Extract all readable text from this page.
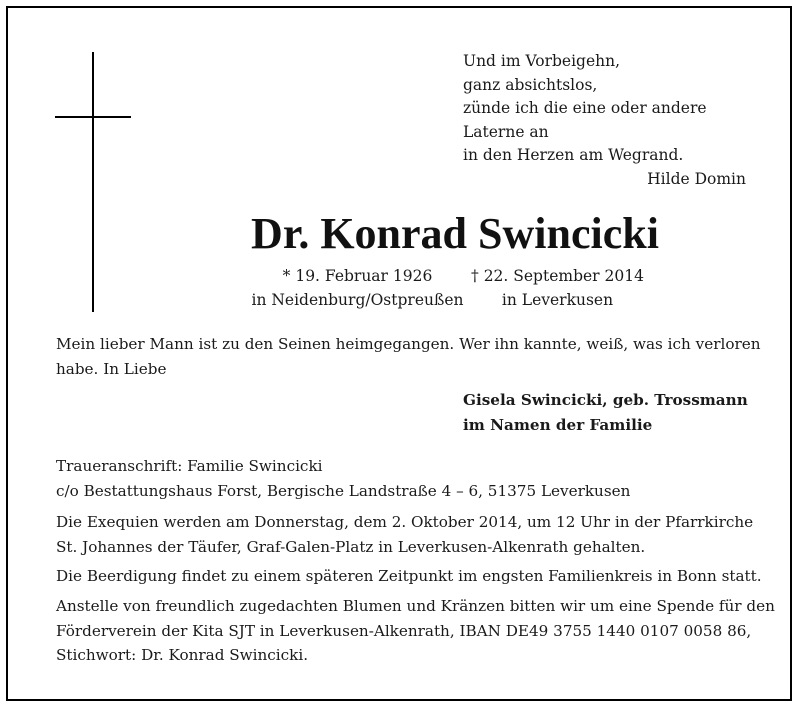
Und im Vorbeigehn,
ganz absichtslos,
zünde ich die eine oder andere
Laterne an
in den Herzen am Wegrand.
Hilde Domin
Dr. Konrad Swincicki
* 19. Februar 1926
in Neidenburg/Ostpreußen
† 22. September 2014
in Leverkusen
Mein lieber Mann ist zu den Seinen heimgegangen. Wer ihn kannte, weiß, was ich verloren
habe. In Liebe
Gisela Swincicki, geb. Trossmann
im Namen der Familie
Traueranschrift: Familie Swincicki
c/o Bestattungshaus Forst, Bergische Landstraße 4 – 6, 51375 Leverkusen
Die Exequien werden am Donnerstag, dem 2. Oktober 2014, um 12 Uhr in der Pfarrkirche
St. Johannes der Täufer, Graf-Galen-Platz in Leverkusen-Alkenrath gehalten.
Die Beerdigung findet zu einem späteren Zeitpunkt im engsten Familienkreis in Bonn statt.
Anstelle von freundlich zugedachten Blumen und Kränzen bitten wir um eine Spende für den
Förderverein der Kita SJT in Leverkusen-Alkenrath, IBAN DE49 3755 1440 0107 0058 86,
Stichwort: Dr. Konrad Swincicki.
